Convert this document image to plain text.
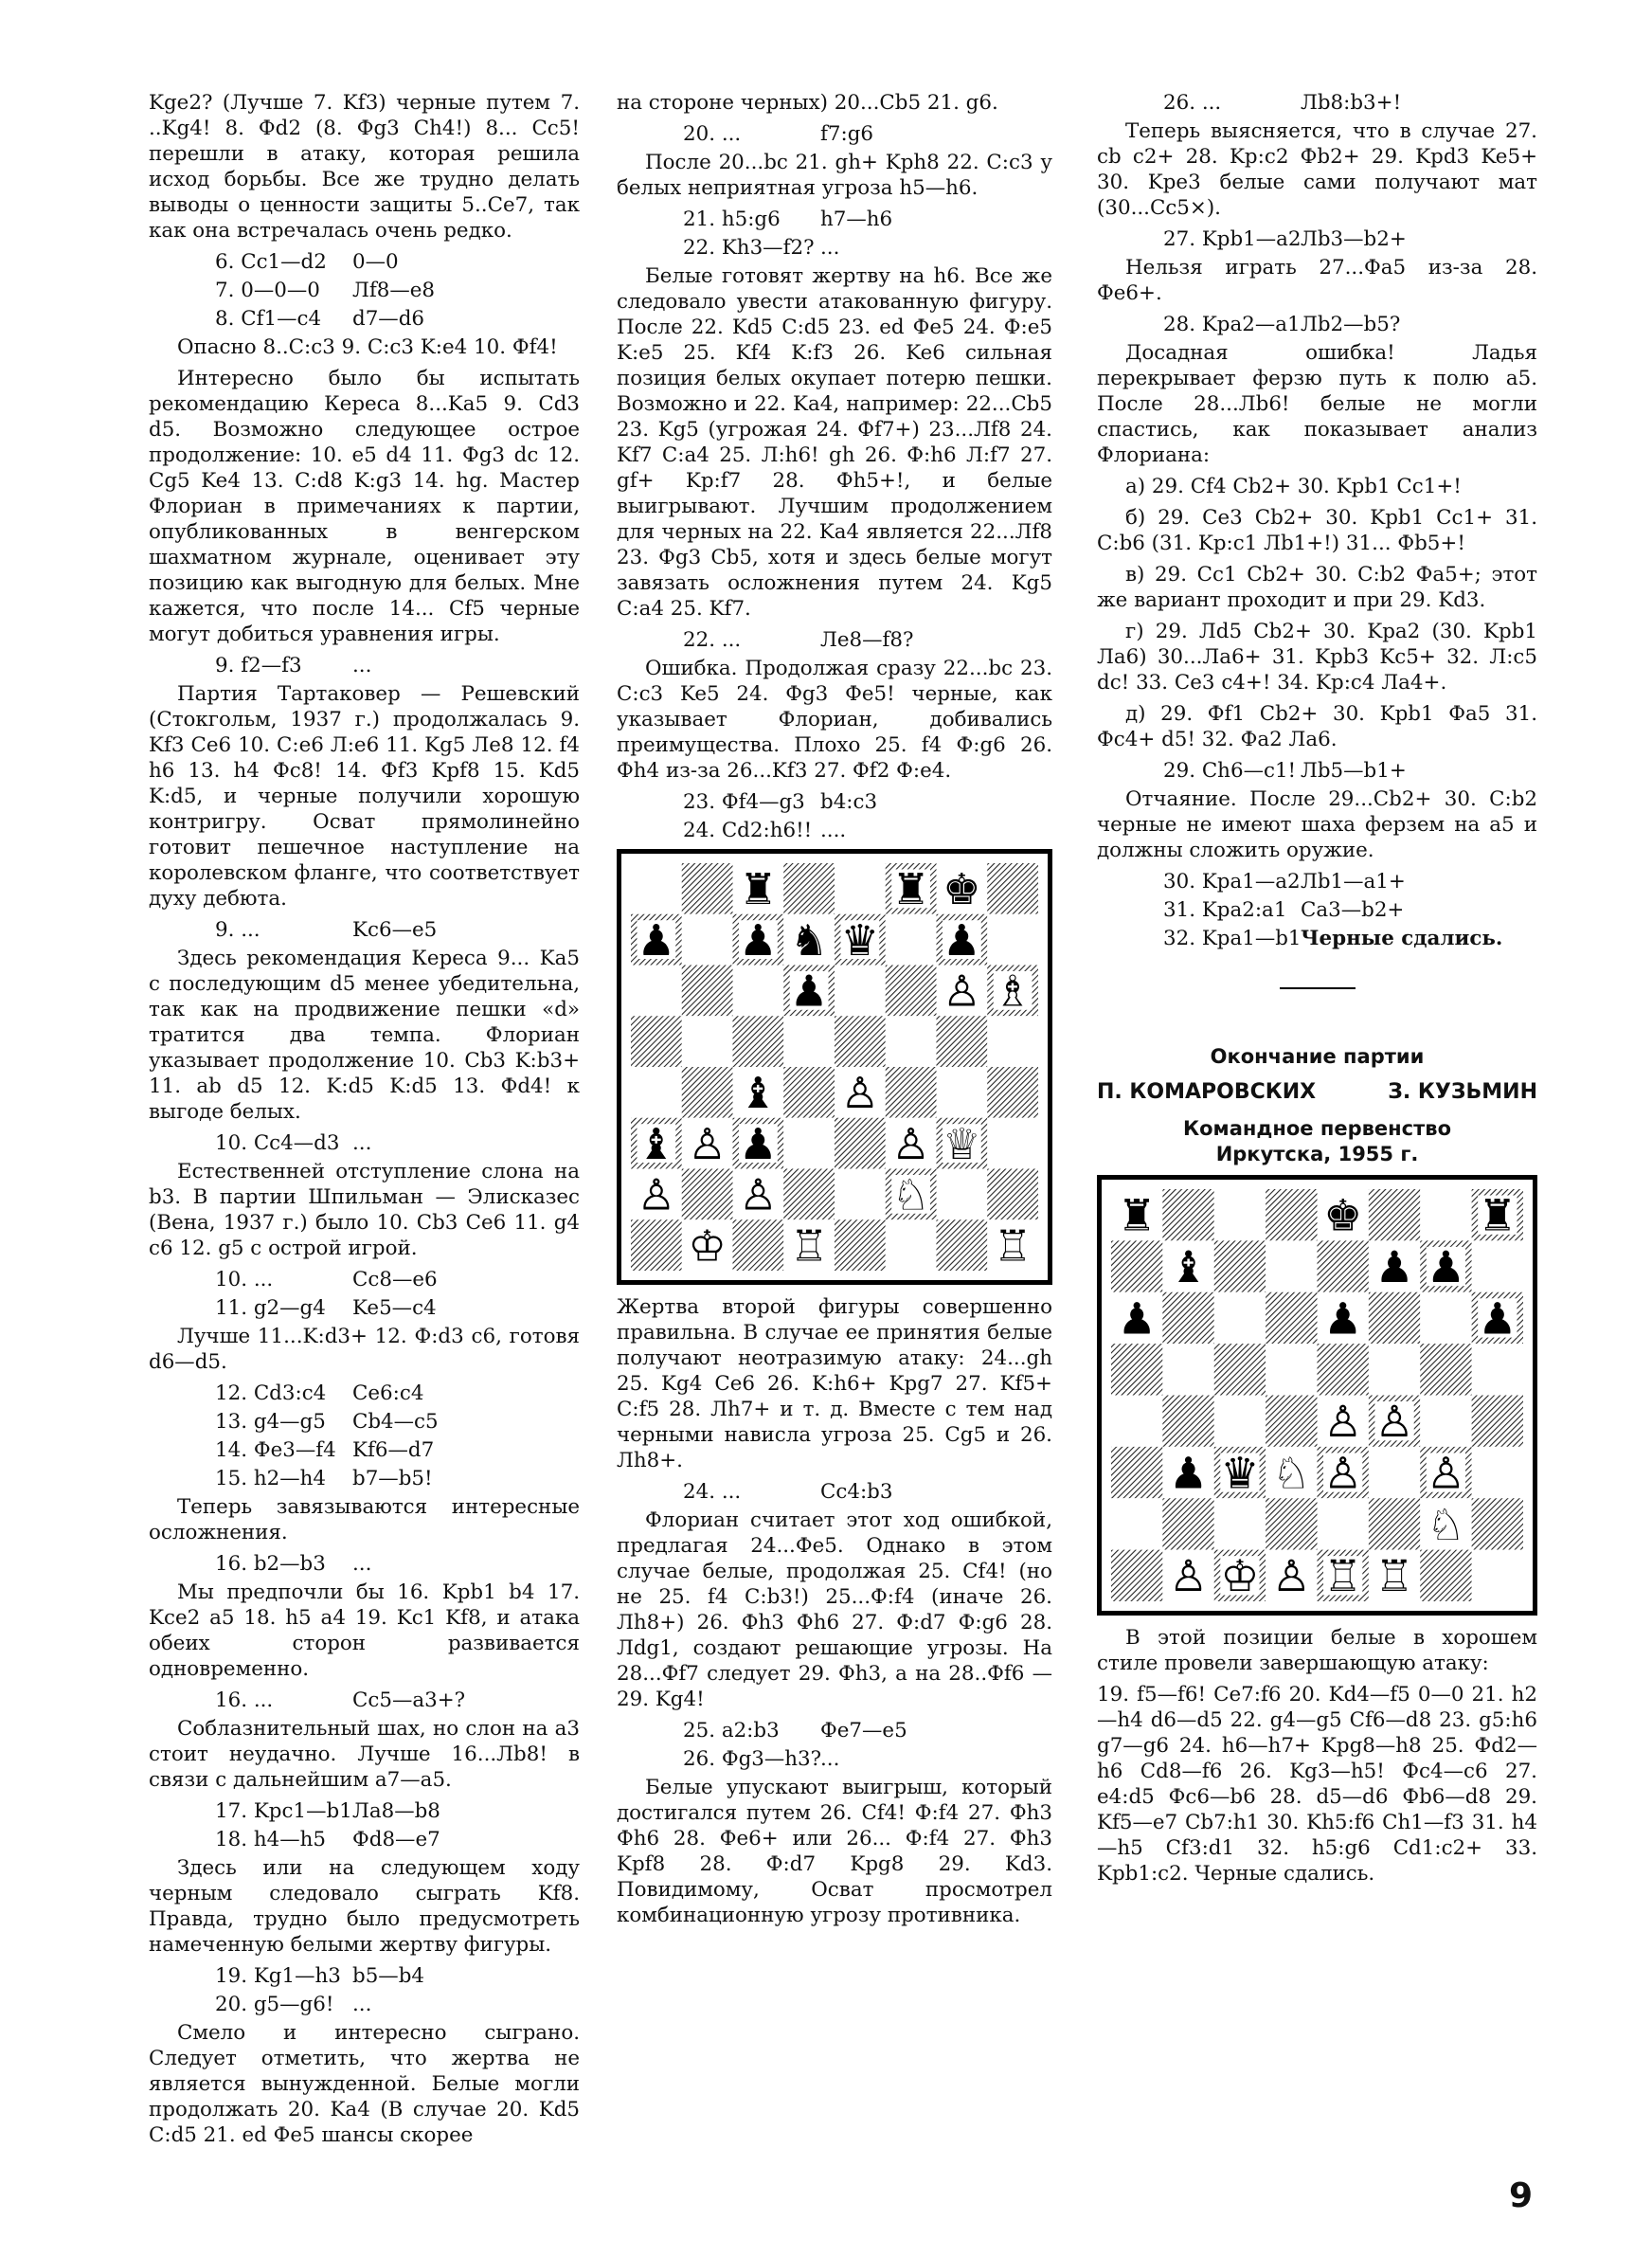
Kge2? (Лучше 7. Kf3) черные путем 7. ..Kg4! 8. Фd2 (8. Фg3 Ch4!) 8... Cc5! перешли в атаку, которая решила исход борьбы. Все же трудно делать выводы о ценности защиты 5..Ce7, так как она встречалась очень редко.
6. Cc1—d2	0—0
7. 0—0—0	Лf8—e8
8. Cf1—c4	d7—d6
Опасно 8..C:c3 9. C:c3 K:e4 10. Фf4!
Интересно было бы испытать рекомендацию Кереса 8...Ka5 9. Cd3 d5. Возможно следующее острое продолжение: 10. e5 d4 11. Фg3 dc 12. Cg5 Ke4 13. C:d8 K:g3 14. hg. Мастер Флориан в примечаниях к партии, опубликованных в венгерском шахматном журнале, оценивает эту позицию как выгодную для белых. Мне кажется, что после 14... Cf5 черные могут добиться уравнения игры.
9. f2—f3	...
Партия Тартаковер — Решевский (Стокгольм, 1937 г.) продолжалась 9. Kf3 Ce6 10. C:e6 Л:e6 11. Kg5 Лe8 12. f4 h6 13. h4 Фc8! 14. Фf3 Kpf8 15. Kd5 K:d5, и черные получили хорошую контригру. Освaт прямолинейно готовит пешечное наступление на королевском фланге, что соответствует духу дебюта.
9. ...	Kc6—e5
Здесь рекомендация Кереса 9... Ka5 с последующим d5 менее убедительна, так как на продвижение пешки «d» тратится два темпа. Флориан указывает продолжение 10. Cb3 K:b3+ 11. ab d5 12. K:d5 K:d5 13. Фd4! к выгоде белых.
10. Cc4—d3 ...
Естественней отступление слона на b3. В партии Шпильман — Элисказес (Вена, 1937 г.) было 10. Cb3 Ce6 11. g4 c6 12. g5 с острой игрой.
10. ...	Cc8—e6
11. g2—g4	Ke5—c4
Лучше 11...K:d3+ 12. Ф:d3 c6, готовя d6—d5.
12. Cd3:c4	Ce6:c4
13. g4—g5	Cb4—c5
14. Фe3—f4 Kf6—d7
15. h2—h4	b7—b5!
Теперь завязываются интересные осложнения.
16. b2—b3	...
Мы предпочли бы 16. Kpb1 b4 17. Kce2 a5 18. h5 a4 19. Kc1 Kf8, и атака обеих сторон развивается одновременно.
16. ...	Cc5—a3+?
Соблазнительный шах, но слон на a3 стоит неудачно. Лучше 16...Лb8! в связи с дальнейшим a7—a5.
17. Kpc1—b1 Лa8—b8
18. h4—h5	Фd8—e7
Здесь или на следующем ходу черным следовало сыграть Kf8. Правда, трудно было предусмотреть намеченную белыми жертву фигуры.
19. Kg1—h3 b5—b4
20. g5—g6! ...
Смело и интересно сыграно. Следует отметить, что жертва не является вынужденной. Белые могли продолжать 20. Ka4 (В случае 20. Kd5 C:d5 21. ed Фe5 шансы скорее
на стороне черных) 20...Cb5 21. g6.
20. ...	f7:g6
После 20...bc 21. gh+ Kph8 22. C:c3 у белых неприятная угроза h5—h6.
21. h5:g6	h7—h6
22. Kh3—f2? ...
Белые готовят жертву на h6. Все же следовало увести атакованную фигуру. После 22. Kd5 C:d5 23. ed Фe5 24. Ф:e5 K:e5 25. Kf4 K:f3 26. Ke6 сильная позиция белых окупает потерю пешки. Возможно и 22. Ka4, например: 22...Cb5 23. Kg5 (угрожая 24. Фf7+) 23...Лf8 24. Kf7 C:a4 25. Л:h6! gh 26. Ф:h6 Л:f7 27. gf+ Kp:f7 28. Фh5+!, и белые выигрывают. Лучшим продолжением для черных на 22. Ka4 является 22...Лf8 23. Фg3 Cb5, хотя и здесь белые могут завязать осложнения путем 24. Kg5 C:a4 25. Kf7.
22. ...	Лe8—f8?
Ошибка. Продолжая сразу 22...bc 23. C:c3 Ke5 24. Фg3 Фe5! черные, как указывает Флориан, добивались преимущества. Плохо 25. f4 Ф:g6 26. Фh4 из-за 26...Kf3 27. Фf2 Ф:e4.
23. Фf4—g3 b4:c3
24. Cd2:h6!! ....
♜	♜ ♚
♟ ♟ ♞ ♛ ♟
♟	♙ ♗
♝ ♙
♝ ♙ ♟	♙ ♕
♙ ♙	♘
♔ ♖	♖
Жертва второй фигуры совершенно правильна. В случае ее принятия белые получают неотразимую атаку: 24...gh 25. Kg4 Ce6 26. K:h6+ Kpg7 27. Kf5+ C:f5 28. Лh7+ и т. д. Вместе с тем над черными нависла угроза 25. Cg5 и 26. Лh8+.
24. ...	Cc4:b3
Флориан считает этот ход ошибкой, предлагая 24...Фe5. Однако в этом случае белые, продолжая 25. Cf4! (но не 25. f4 C:b3!) 25...Ф:f4 (иначе 26. Лh8+) 26. Фh3 Фh6 27. Ф:d7 Ф:g6 28. Лdg1, создают решающие угрозы. На 28...Фf7 следует 29. Фh3, а на 28..Фf6 — 29. Kg4!
25. a2:b3	Фe7—e5
26. Фg3—h3?
...
Белые упускают выигрыш, который достигался путем 26. Cf4! Ф:f4 27. Фh3 Фh6 28. Фe6+ или 26... Ф:f4 27. Фh3 Kpf8 28. Ф:d7 Kpg8 29. Kd3. Повидимому, Освaт просмотрел комбинационную угрозу противника.
26. ...	Лb8:b3+!
Теперь выясняется, что в случае 27. cb c2+ 28. Kp:c2 Фb2+ 29. Kpd3 Ke5+ 30. Kpe3 белые сами получают мат (30...Cc5×).
27. Kpb1—a2 Лb3—b2+
Нельзя играть 27...Фa5 из-за 28. Фe6+.
28. Kpa2—a1 Лb2—b5?
Досадная ошибка! Ладья перекрывает ферзю путь к полю a5. После 28...Лb6! белые не могли спастись, как показывает анализ Флориана:
а) 29. Cf4 Cb2+ 30. Kpb1 Cc1+!
б) 29. Ce3 Cb2+ 30. Kpb1 Cc1+ 31. C:b6 (31. Kp:c1 Лb1+!) 31... Фb5+!
в) 29. Cc1 Cb2+ 30. C:b2 Фa5+; этот же вариант проходит и при 29. Kd3.
г) 29. Лd5 Cb2+ 30. Kpa2 (30. Kpb1 Лa6) 30...Лa6+ 31. Kpb3 Kc5+ 32. Л:c5 dc! 33. Ce3 c4+! 34. Kp:c4 Лa4+.
д) 29. Фf1 Cb2+ 30. Kpb1 Фa5 31. Фc4+ d5! 32. Фa2 Лa6.
29. Ch6—c1! Лb5—b1+
Отчаяние. После 29...Cb2+ 30. C:b2 черные не имеют шаха ферзем на a5 и должны сложить оружие.
30. Kpa1—a2 Лb1—a1+
31. Kpa2:a1 Ca3—b2+
32. Kpa1—b1 Черные сдались.
Окончание партии
П. КОМАРОВСКИХ	З. КУЗЬМИН
Командное первенство
Иркутска, 1955 г.
♜	♚	♜
♝	♟ ♟
♟	♟	♟
♙ ♙
♟ ♛ ♘ ♙ ♙
♘
♙ ♙ ♖
♔ ♖
В этой позиции белые в хорошем стиле провели завершающую атаку:
19. f5—f6! Ce7:f6 20. Kd4—f5 0—0 21. h2—h4 d6—d5 22. g4—g5 Cf6—d8 23. g5:h6 g7—g6 24. h6—h7+ Kpg8—h8 25. Фd2—h6 Cd8—f6 26. Kg3—h5! Фc4—c6 27. e4:d5 Фc6—b6 28. d5—d6 Фb6—d8 29. Kf5—e7 Cb7:h1 30. Kh5:f6 Ch1—f3 31. h4—h5 Cf3:d1 32. h5:g6 Cd1:c2+ 33. Kpb1:c2. Черные сдались.
9
